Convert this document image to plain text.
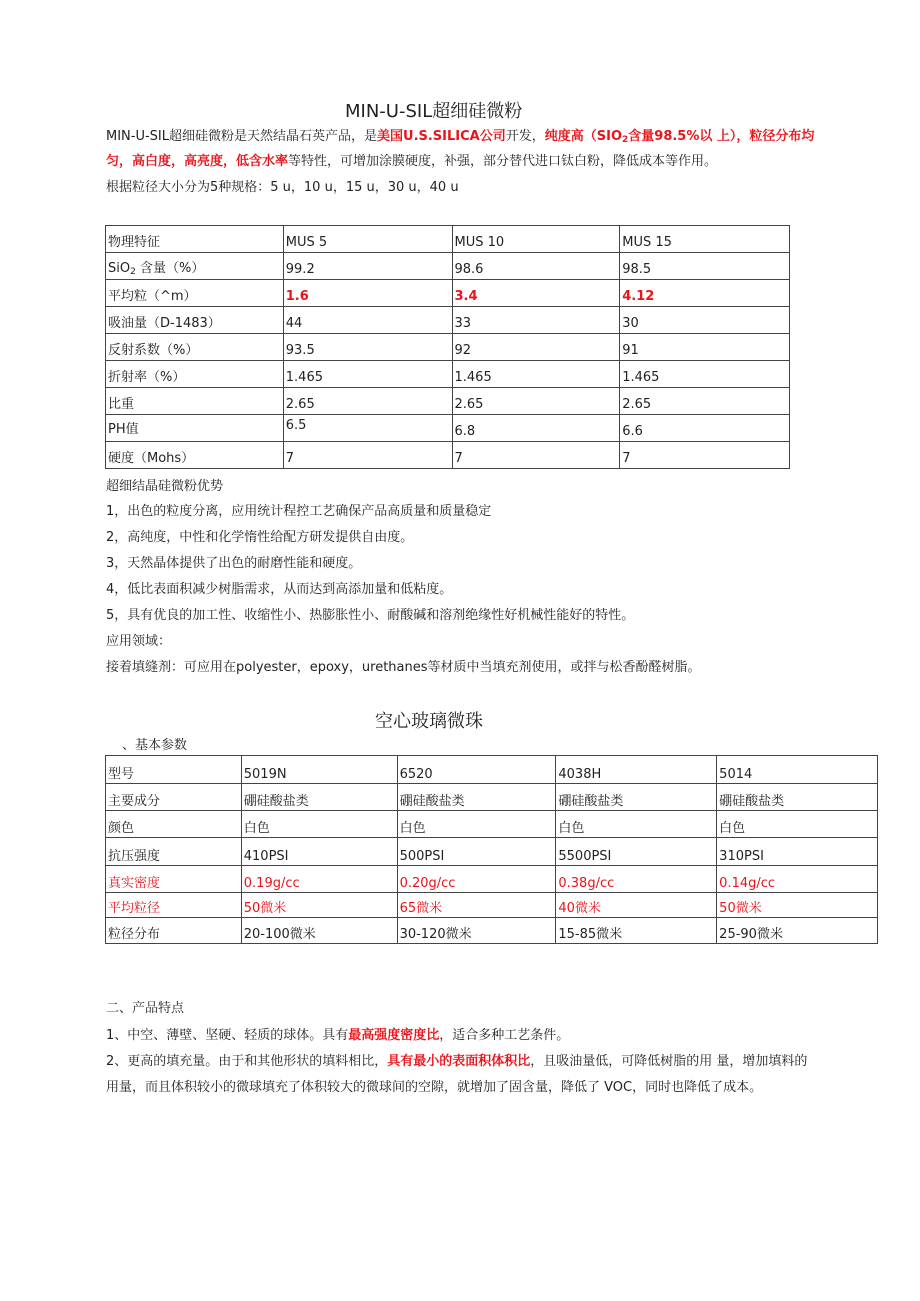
MIN-U-SIL超细硅微粉
MIN-U-SIL超细硅微粉是天然结晶石英产品，是美国U.S.SILICA公司开发，纯度高（$SIO_2$含量98.5%以 上），粒径分布均
匀，高白度，高亮度，低含水率等特性，可增加涂膜硬度，补强，部分替代进口钛白粉，降低成本等作用。
根据粒径大小分为5种规格：5 u，10 u，15 u，30 u，40 u
物理特征	MUS 5	MUS 10	MUS 15
SiO$_2$ 含量（%）	99.2	98.6	98.5
平均粒（^m）	1.6	3.4	4.12
吸油量（D-1483）	44	33	30
反射系数（%）	93.5	92	91
折射率（%）	1.465	1.465	1.465
比重	2.65	2.65	2.65
PH值	6.5	6.8	6.6
硬度（Mohs）	7	7	7
超细结晶硅微粉优势
1，出色的粒度分离，应用统计程控工艺确保产品高质量和质量稳定
2，高纯度，中性和化学惰性给配方研发提供自由度。
3，天然晶体提供了出色的耐磨性能和硬度。
4，低比表面积减少树脂需求，从而达到高添加量和低粘度。
5，具有优良的加工性、收缩性小、热膨胀性小、耐酸碱和溶剂绝缘性好机械性能好的特性。
应用领域：
接着填缝剂：可应用在polyester，epoxy，urethanes等材质中当填充剂使用，或拌与松香酚醛树脂。
空心玻璃微珠
、基本参数
型号	5019N	6520	4038H	5014
主要成分	硼硅酸盐类	硼硅酸盐类	硼硅酸盐类	硼硅酸盐类
颜色	白色	白色	白色	白色
抗压强度	410PSI	500PSI	5500PSI	310PSI
真实密度	0.19g/cc	0.20g/cc	0.38g/cc	0.14g/cc
平均粒径	50微米	65微米	40微米	50微米
粒径分布	20-100微米	30-120微米	15-85微米	25-90微米
二、产品特点
1、中空、薄壁、坚硬、轻质的球体。具有最高强度密度比，适合多种工艺条件。
2、更高的填充量。由于和其他形状的填料相比，具有最小的表面积体积比，且吸油量低，可降低树脂的用 量，增加填料的
用量，而且体积较小的微球填充了体积较大的微球间的空隙，就增加了固含量，降低了 VOC，同时也降低了成本。
